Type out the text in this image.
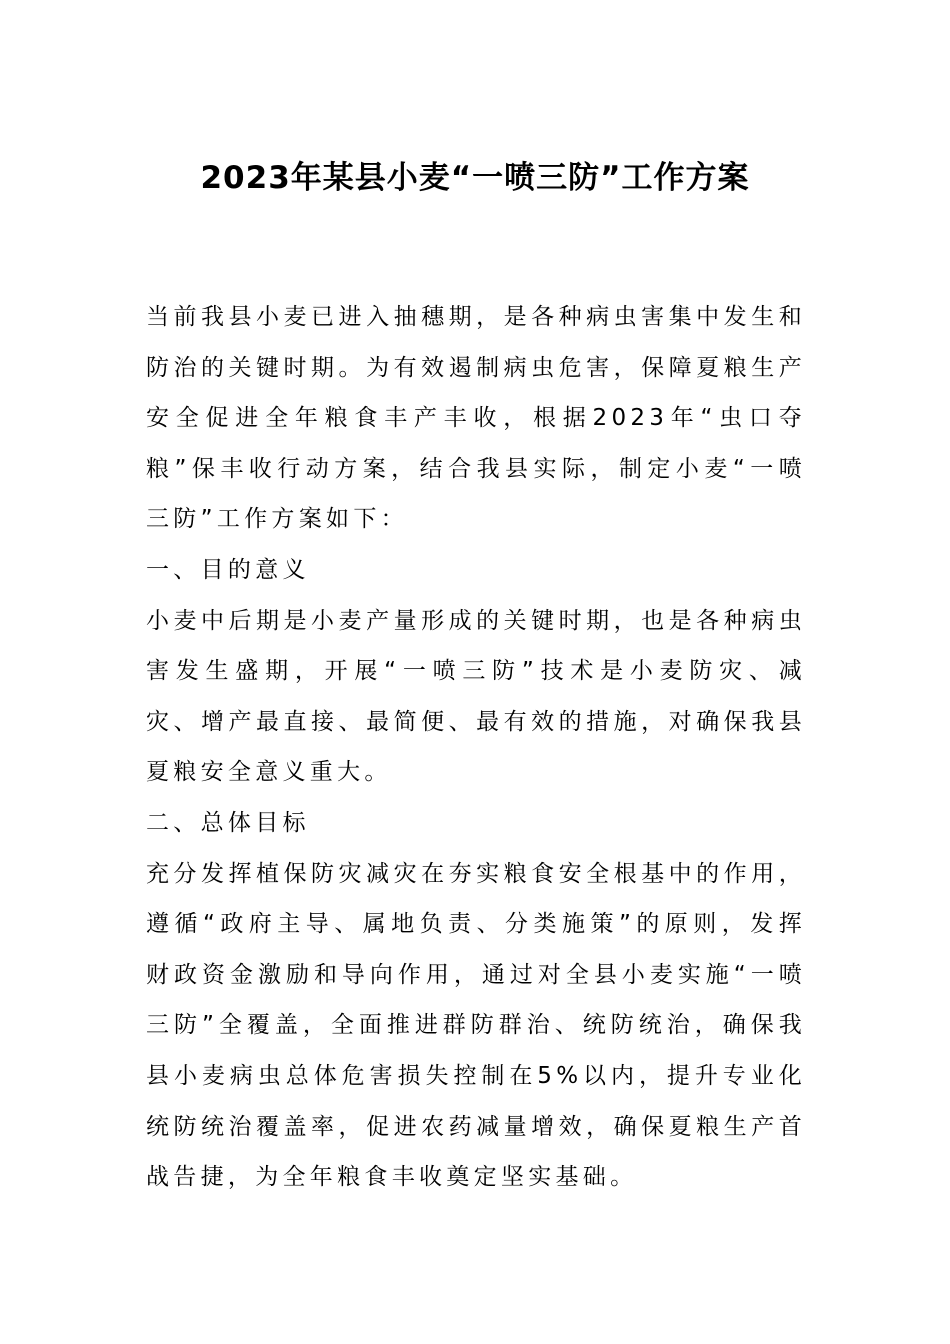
2023年某县小麦“一喷三防”工作方案

当前我县小麦已进入抽穗期，是各种病虫害集中发生和防治的关键时期。为有效遏制病虫危害，保障夏粮生产安全促进全年粮食丰产丰收，根据2023年“虫口夺粮”保丰收行动方案，结合我县实际，制定小麦“一喷三防”工作方案如下：

一、目的意义

小麦中后期是小麦产量形成的关键时期，也是各种病虫害发生盛期，开展“一喷三防”技术是小麦防灾、减灾、增产最直接、最简便、最有效的措施，对确保我县夏粮安全意义重大。

二、总体目标

充分发挥植保防灾减灾在夯实粮食安全根基中的作用，遵循“政府主导、属地负责、分类施策”的原则，发挥财政资金激励和导向作用，通过对全县小麦实施“一喷三防”全覆盖，全面推进群防群治、统防统治，确保我县小麦病虫总体危害损失控制在5%以内，提升专业化统防统治覆盖率，促进农药减量增效，确保夏粮生产首战告捷，为全年粮食丰收奠定坚实基础。
